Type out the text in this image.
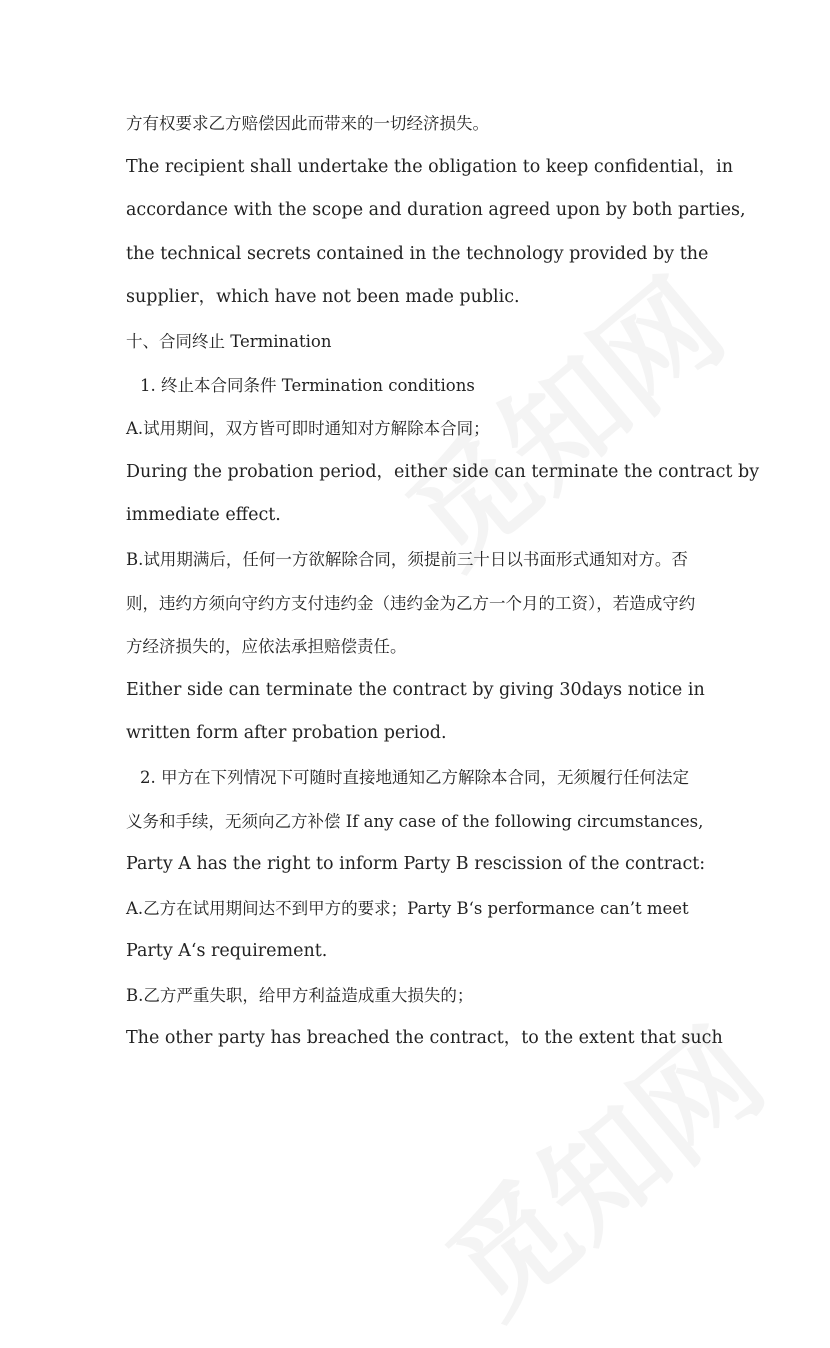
方有权要求乙方赔偿因此而带来的一切经济损失。
The recipient shall undertake the obligation to keep confidential，in
accordance with the scope and duration agreed upon by both parties,
the technical secrets contained in the technology provided by the
supplier，which have not been made public.
十、合同终止 Termination
1. 终止本合同条件 Termination conditions
A.试用期间，双方皆可即时通知对方解除本合同；
During the probation period，either side can terminate the contract by
immediate effect.
B.试用期满后，任何一方欲解除合同，须提前三十日以书面形式通知对方。否
则，违约方须向守约方支付违约金（违约金为乙方一个月的工资），若造成守约
方经济损失的，应依法承担赔偿责任。
Either side can terminate the contract by giving 30days notice in
written form after probation period.
2. 甲方在下列情况下可随时直接地通知乙方解除本合同，无须履行任何法定
义务和手续，无须向乙方补偿 If any case of the following circumstances,
Party A has the right to inform Party B rescission of the contract:
A.乙方在试用期间达不到甲方的要求；Party B‘s performance can’t meet
Party A‘s requirement.
B.乙方严重失职，给甲方利益造成重大损失的；
The other party has breached the contract，to the extent that such
